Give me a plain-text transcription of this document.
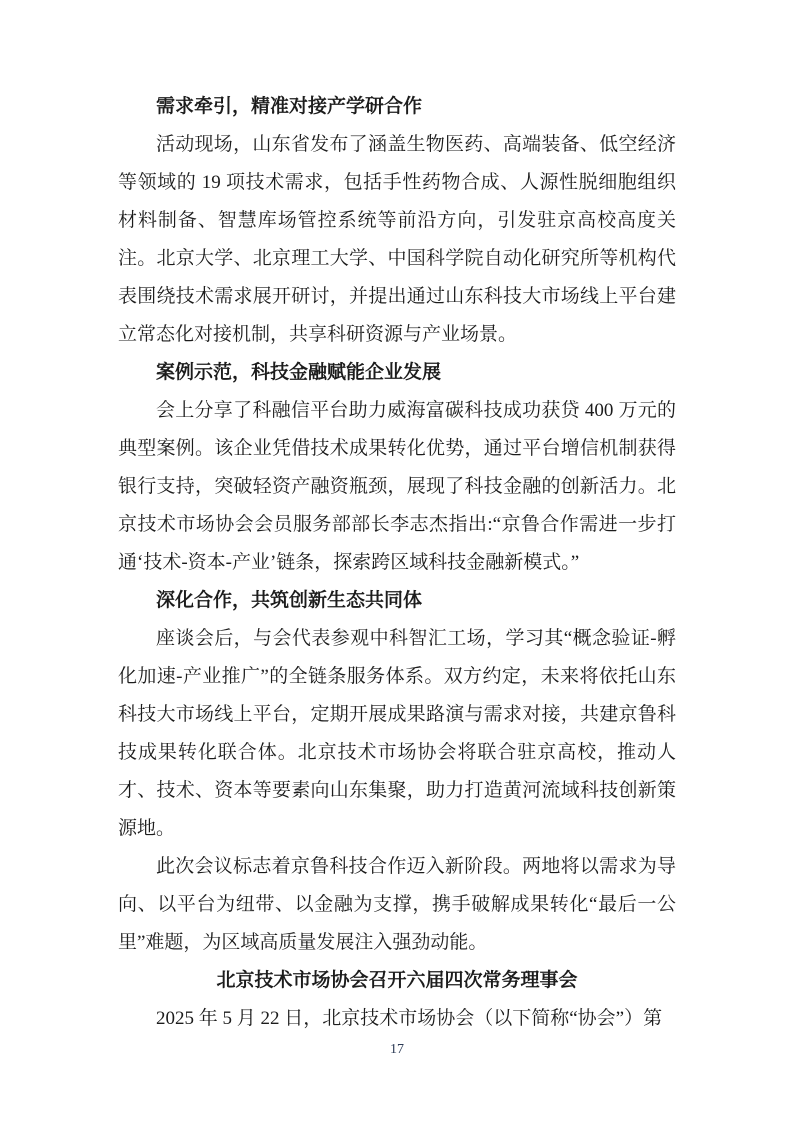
需求牵引，精准对接产学研合作

活动现场，山东省发布了涵盖生物医药、高端装备、低空经济等领域的 19 项技术需求，包括手性药物合成、人源性脱细胞组织材料制备、智慧库场管控系统等前沿方向，引发驻京高校高度关注。北京大学、北京理工大学、中国科学院自动化研究所等机构代表围绕技术需求展开研讨，并提出通过山东科技大市场线上平台建立常态化对接机制，共享科研资源与产业场景。

案例示范，科技金融赋能企业发展

会上分享了科融信平台助力威海富碳科技成功获贷 400 万元的典型案例。该企业凭借技术成果转化优势，通过平台增信机制获得银行支持，突破轻资产融资瓶颈，展现了科技金融的创新活力。北京技术市场协会会员服务部部长李志杰指出:“京鲁合作需进一步打通‘技术-资本-产业’链条，探索跨区域科技金融新模式。”

深化合作，共筑创新生态共同体

座谈会后，与会代表参观中科智汇工场，学习其“概念验证-孵化加速-产业推广”的全链条服务体系。双方约定，未来将依托山东科技大市场线上平台，定期开展成果路演与需求对接，共建京鲁科技成果转化联合体。北京技术市场协会将联合驻京高校，推动人才、技术、资本等要素向山东集聚，助力打造黄河流域科技创新策源地。

此次会议标志着京鲁科技合作迈入新阶段。两地将以需求为导向、以平台为纽带、以金融为支撑，携手破解成果转化“最后一公里”难题，为区域高质量发展注入强劲动能。

北京技术市场协会召开六届四次常务理事会

2025 年 5 月 22 日，北京技术市场协会（以下简称“协会”）第

17
